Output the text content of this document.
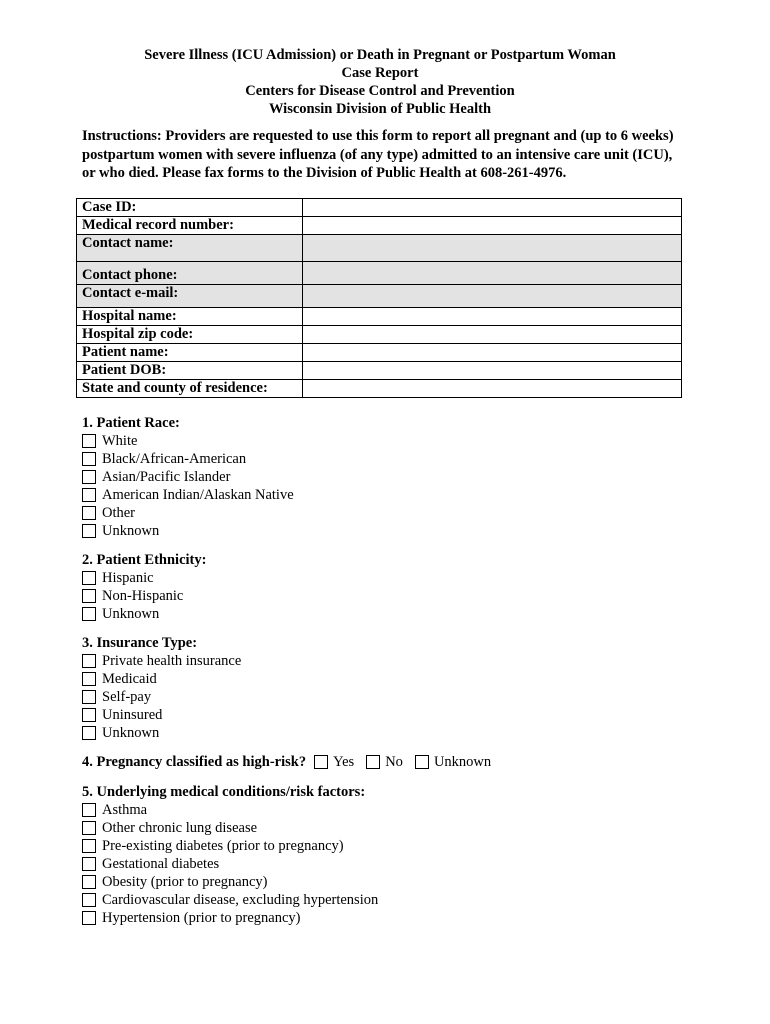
Severe Illness (ICU Admission) or Death in Pregnant or Postpartum Woman
Case Report
Centers for Disease Control and Prevention
Wisconsin Division of Public Health
Instructions: Providers are requested to use this form to report all pregnant and (up to 6 weeks) postpartum women with severe influenza (of any type) admitted to an intensive care unit (ICU), or who died. Please fax forms to the Division of Public Health at 608-261-4976.
Case ID:	
Medical record number:	
Contact name:	
Contact phone:	
Contact e-mail:	
Hospital name:	
Hospital zip code:	
Patient name:	
Patient DOB:	
State and county of residence:	
1. Patient Race:
White
Black/African-American
Asian/Pacific Islander
American Indian/Alaskan Native
Other
Unknown
2. Patient Ethnicity:
Hispanic
Non-Hispanic
Unknown
3. Insurance Type:
Private health insurance
Medicaid
Self-pay
Uninsured
Unknown
4. Pregnancy classified as high-risk? Yes No Unknown
5. Underlying medical conditions/risk factors:
Asthma
Other chronic lung disease
Pre-existing diabetes (prior to pregnancy)
Gestational diabetes
Obesity (prior to pregnancy)
Cardiovascular disease, excluding hypertension
Hypertension (prior to pregnancy)
